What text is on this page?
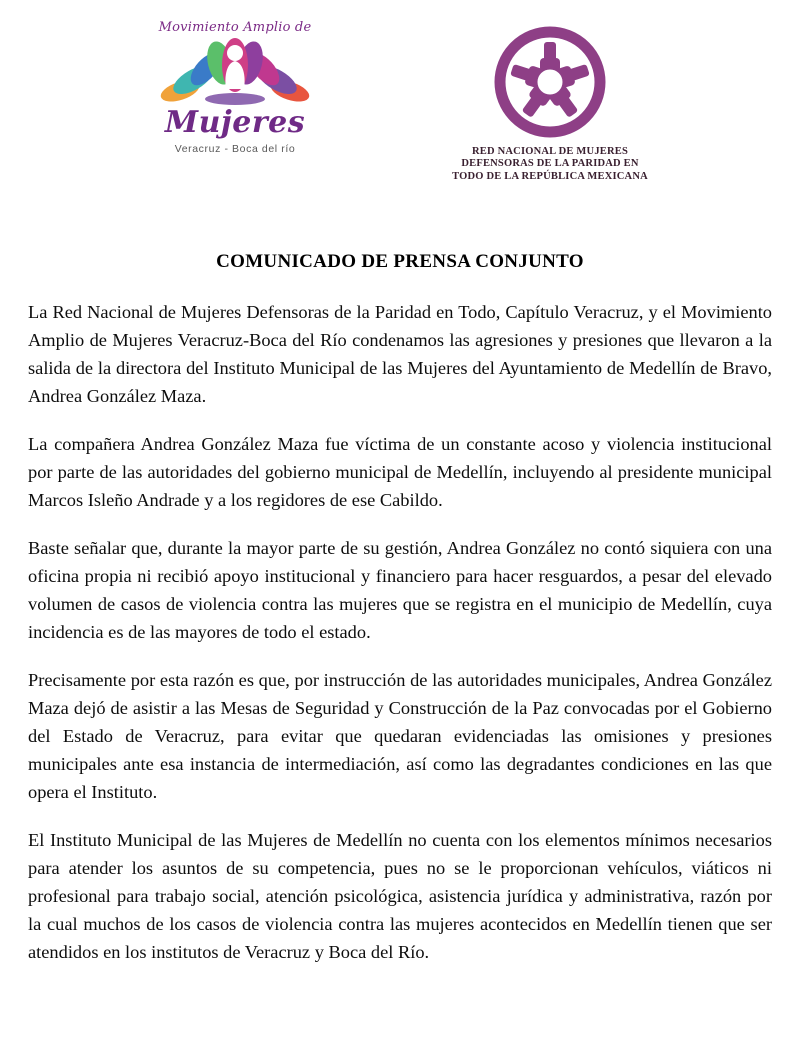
Movimiento Amplio de
Mujeres
Veracruz - Boca del río	RED NACIONAL DE MUJERES
DEFENSORAS DE LA PARIDAD EN
TODO DE LA REPÚBLICA MEXICANA
COMUNICADO DE PRENSA CONJUNTO

La Red Nacional de Mujeres Defensoras de la Paridad en Todo, Capítulo Veracruz, y el Movimiento Amplio de Mujeres Veracruz-Boca del Río condenamos las agresiones y presiones que llevaron a la salida de la directora del Instituto Municipal de las Mujeres del Ayuntamiento de Medellín de Bravo, Andrea González Maza.

La compañera Andrea González Maza fue víctima de un constante acoso y violencia institucional por parte de las autoridades del gobierno municipal de Medellín, incluyendo al presidente municipal Marcos Isleño Andrade y a los regidores de ese Cabildo.

Baste señalar que, durante la mayor parte de su gestión, Andrea González no contó siquiera con una oficina propia ni recibió apoyo institucional y financiero para hacer resguardos, a pesar del elevado volumen de casos de violencia contra las mujeres que se registra en el municipio de Medellín, cuya incidencia es de las mayores de todo el estado.

Precisamente por esta razón es que, por instrucción de las autoridades municipales, Andrea González Maza dejó de asistir a las Mesas de Seguridad y Construcción de la Paz convocadas por el Gobierno del Estado de Veracruz, para evitar que quedaran evidenciadas las omisiones y presiones municipales ante esa instancia de intermediación, así como las degradantes condiciones en las que opera el Instituto.

El Instituto Municipal de las Mujeres de Medellín no cuenta con los elementos mínimos necesarios para atender los asuntos de su competencia, pues no se le proporcionan vehículos, viáticos ni profesional para trabajo social, atención psicológica, asistencia jurídica y administrativa, razón por la cual muchos de los casos de violencia contra las mujeres acontecidos en Medellín tienen que ser atendidos en los institutos de Veracruz y Boca del Río.
